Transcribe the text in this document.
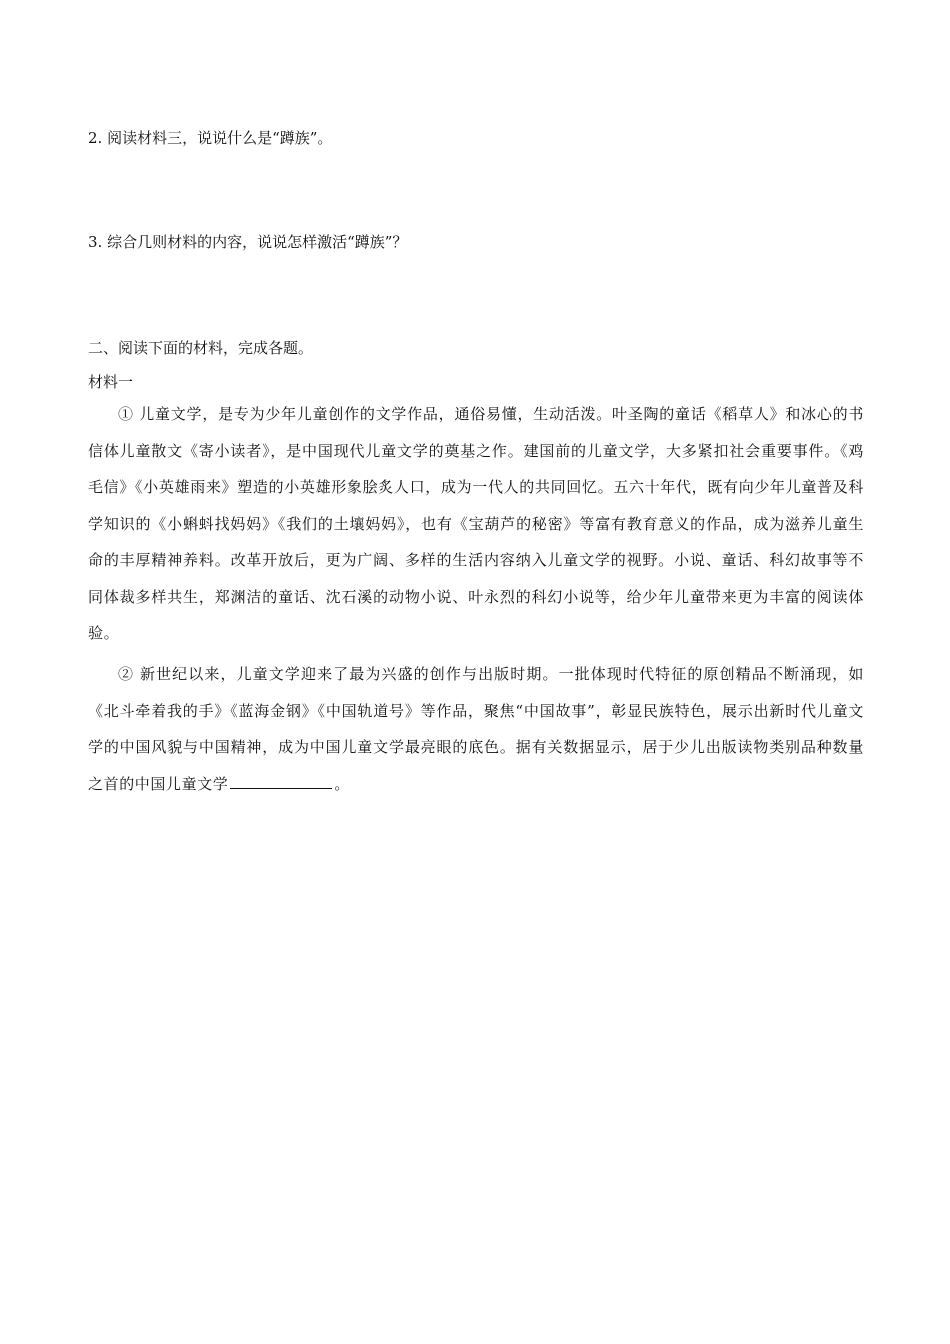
2. 阅读材料三，说说什么是“蹲族”。
3. 综合几则材料的内容，说说怎样激活“蹲族”？
二、阅读下面的材料，完成各题。
材料一
① 儿童文学，是专为少年儿童创作的文学作品，通俗易懂，生动活泼。叶圣陶的童话《稻草人》和冰心的书信体儿童散文《寄小读者》，是中国现代儿童文学的奠基之作。建国前的儿童文学，大多紧扣社会重要事件。《鸡毛信》《小英雄雨来》塑造的小英雄形象脍炙人口，成为一代人的共同回忆。五六十年代，既有向少年儿童普及科学知识的《小蝌蚪找妈妈》《我们的土壤妈妈》，也有《宝葫芦的秘密》等富有教育意义的作品，成为滋养儿童生命的丰厚精神养料。改革开放后，更为广阔、多样的生活内容纳入儿童文学的视野。小说、童话、科幻故事等不同体裁多样共生，郑渊洁的童话、沈石溪的动物小说、叶永烈的科幻小说等，给少年儿童带来更为丰富的阅读体验。
② 新世纪以来，儿童文学迎来了最为兴盛的创作与出版时期。一批体现时代特征的原创精品不断涌现，如《北斗牵着我的手》《蓝海金钢》《中国轨道号》等作品，聚焦“中国故事”，彰显民族特色，展示出新时代儿童文学的中国风貌与中国精神，成为中国儿童文学最亮眼的底色。据有关数据显示，居于少儿出版读物类别品种数量之首的中国儿童文学	。
